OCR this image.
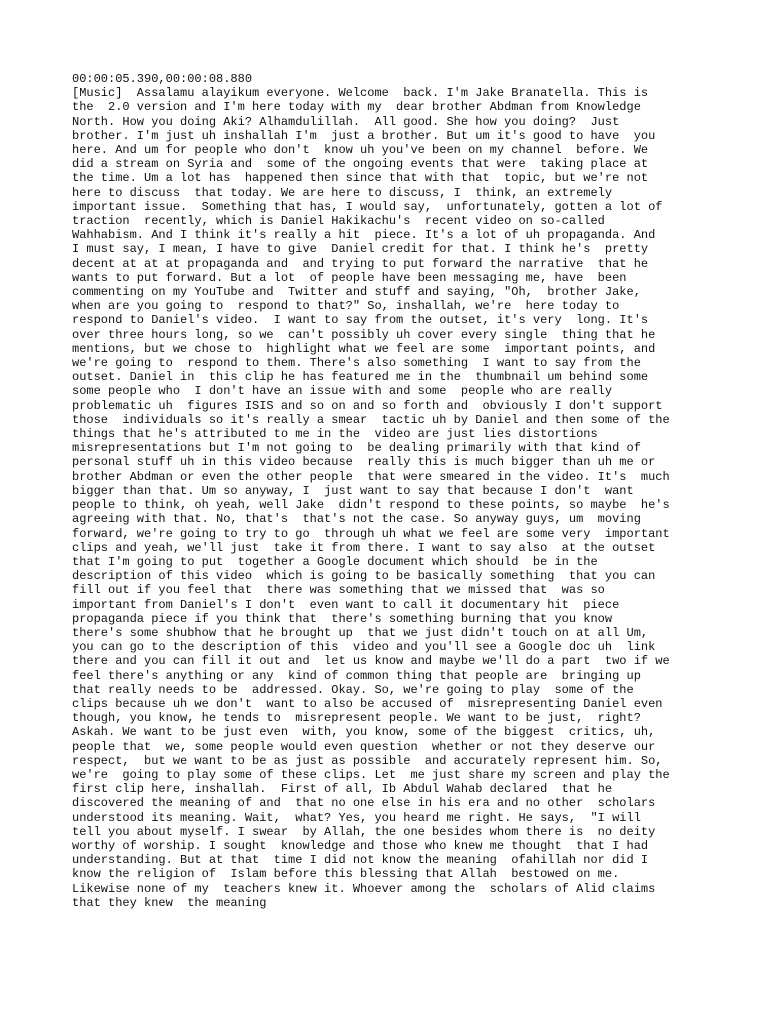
00:00:05.390,00:00:08.880

[Music]  Assalamu alayikum everyone. Welcome  back. I'm Jake Branatella. This is
the  2.0 version and I'm here today with my  dear brother Abdman from Knowledge
North. How you doing Aki? Alhamdulillah.  All good. She how you doing?  Just
brother. I'm just uh inshallah I'm  just a brother. But um it's good to have  you
here. And um for people who don't  know uh you've been on my channel  before. We
did a stream on Syria and  some of the ongoing events that were  taking place at
the time. Um a lot has  happened then since that with that  topic, but we're not
here to discuss  that today. We are here to discuss, I  think, an extremely
important issue.  Something that has, I would say,  unfortunately, gotten a lot of
traction  recently, which is Daniel Hakikachu's  recent video on so-called
Wahhabism. And I think it's really a hit  piece. It's a lot of uh propaganda. And
I must say, I mean, I have to give  Daniel credit for that. I think he's  pretty
decent at at at propaganda and  and trying to put forward the narrative  that he
wants to put forward. But a lot  of people have been messaging me, have  been
commenting on my YouTube and  Twitter and stuff and saying, "Oh,  brother Jake,
when are you going to  respond to that?" So, inshallah, we're  here today to
respond to Daniel's video.  I want to say from the outset, it's very  long. It's
over three hours long, so we  can't possibly uh cover every single  thing that he
mentions, but we chose to  highlight what we feel are some  important points, and
we're going to  respond to them. There's also something  I want to say from the
outset. Daniel in  this clip he has featured me in the  thumbnail um behind some
some people who  I don't have an issue with and some  people who are really
problematic uh  figures ISIS and so on and so forth and  obviously I don't support
those  individuals so it's really a smear  tactic uh by Daniel and then some of the
things that he's attributed to me in the  video are just lies distortions
misrepresentations but I'm not going to  be dealing primarily with that kind of
personal stuff uh in this video because  really this is much bigger than uh me or
brother Abdman or even the other people  that were smeared in the video. It's  much
bigger than that. Um so anyway, I  just want to say that because I don't  want
people to think, oh yeah, well Jake  didn't respond to these points, so maybe  he's
agreeing with that. No, that's  that's not the case. So anyway guys, um  moving
forward, we're going to try to go  through uh what we feel are some very  important
clips and yeah, we'll just  take it from there. I want to say also  at the outset
that I'm going to put  together a Google document which should  be in the
description of this video  which is going to be basically something  that you can
fill out if you feel that  there was something that we missed that  was so
important from Daniel's I don't  even want to call it documentary hit  piece
propaganda piece if you think that  there's something burning that you know
there's some shubhow that he brought up  that we just didn't touch on at all Um,
you can go to the description of this  video and you'll see a Google doc uh  link
there and you can fill it out and  let us know and maybe we'll do a part  two if we
feel there's anything or any  kind of common thing that people are  bringing up
that really needs to be  addressed. Okay. So, we're going to play  some of the
clips because uh we don't  want to also be accused of  misrepresenting Daniel even
though, you know, he tends to  misrepresent people. We want to be just,  right?
Askah. We want to be just even  with, you know, some of the biggest  critics, uh,
people that  we, some people would even question  whether or not they deserve our
respect,  but we want to be as just as possible  and accurately represent him. So,
we're  going to play some of these clips. Let  me just share my screen and play the
first clip here, inshallah.  First of all, Ib Abdul Wahab declared  that he
discovered the meaning of and  that no one else in his era and no other  scholars
understood its meaning. Wait,  what? Yes, you heard me right. He says,  "I will
tell you about myself. I swear  by Allah, the one besides whom there is  no deity
worthy of worship. I sought  knowledge and those who knew me thought  that I had
understanding. But at that  time I did not know the meaning  ofahillah nor did I
know the religion of  Islam before this blessing that Allah  bestowed on me.
Likewise none of my  teachers knew it. Whoever among the  scholars of Alid claims
that they knew  the meaning
